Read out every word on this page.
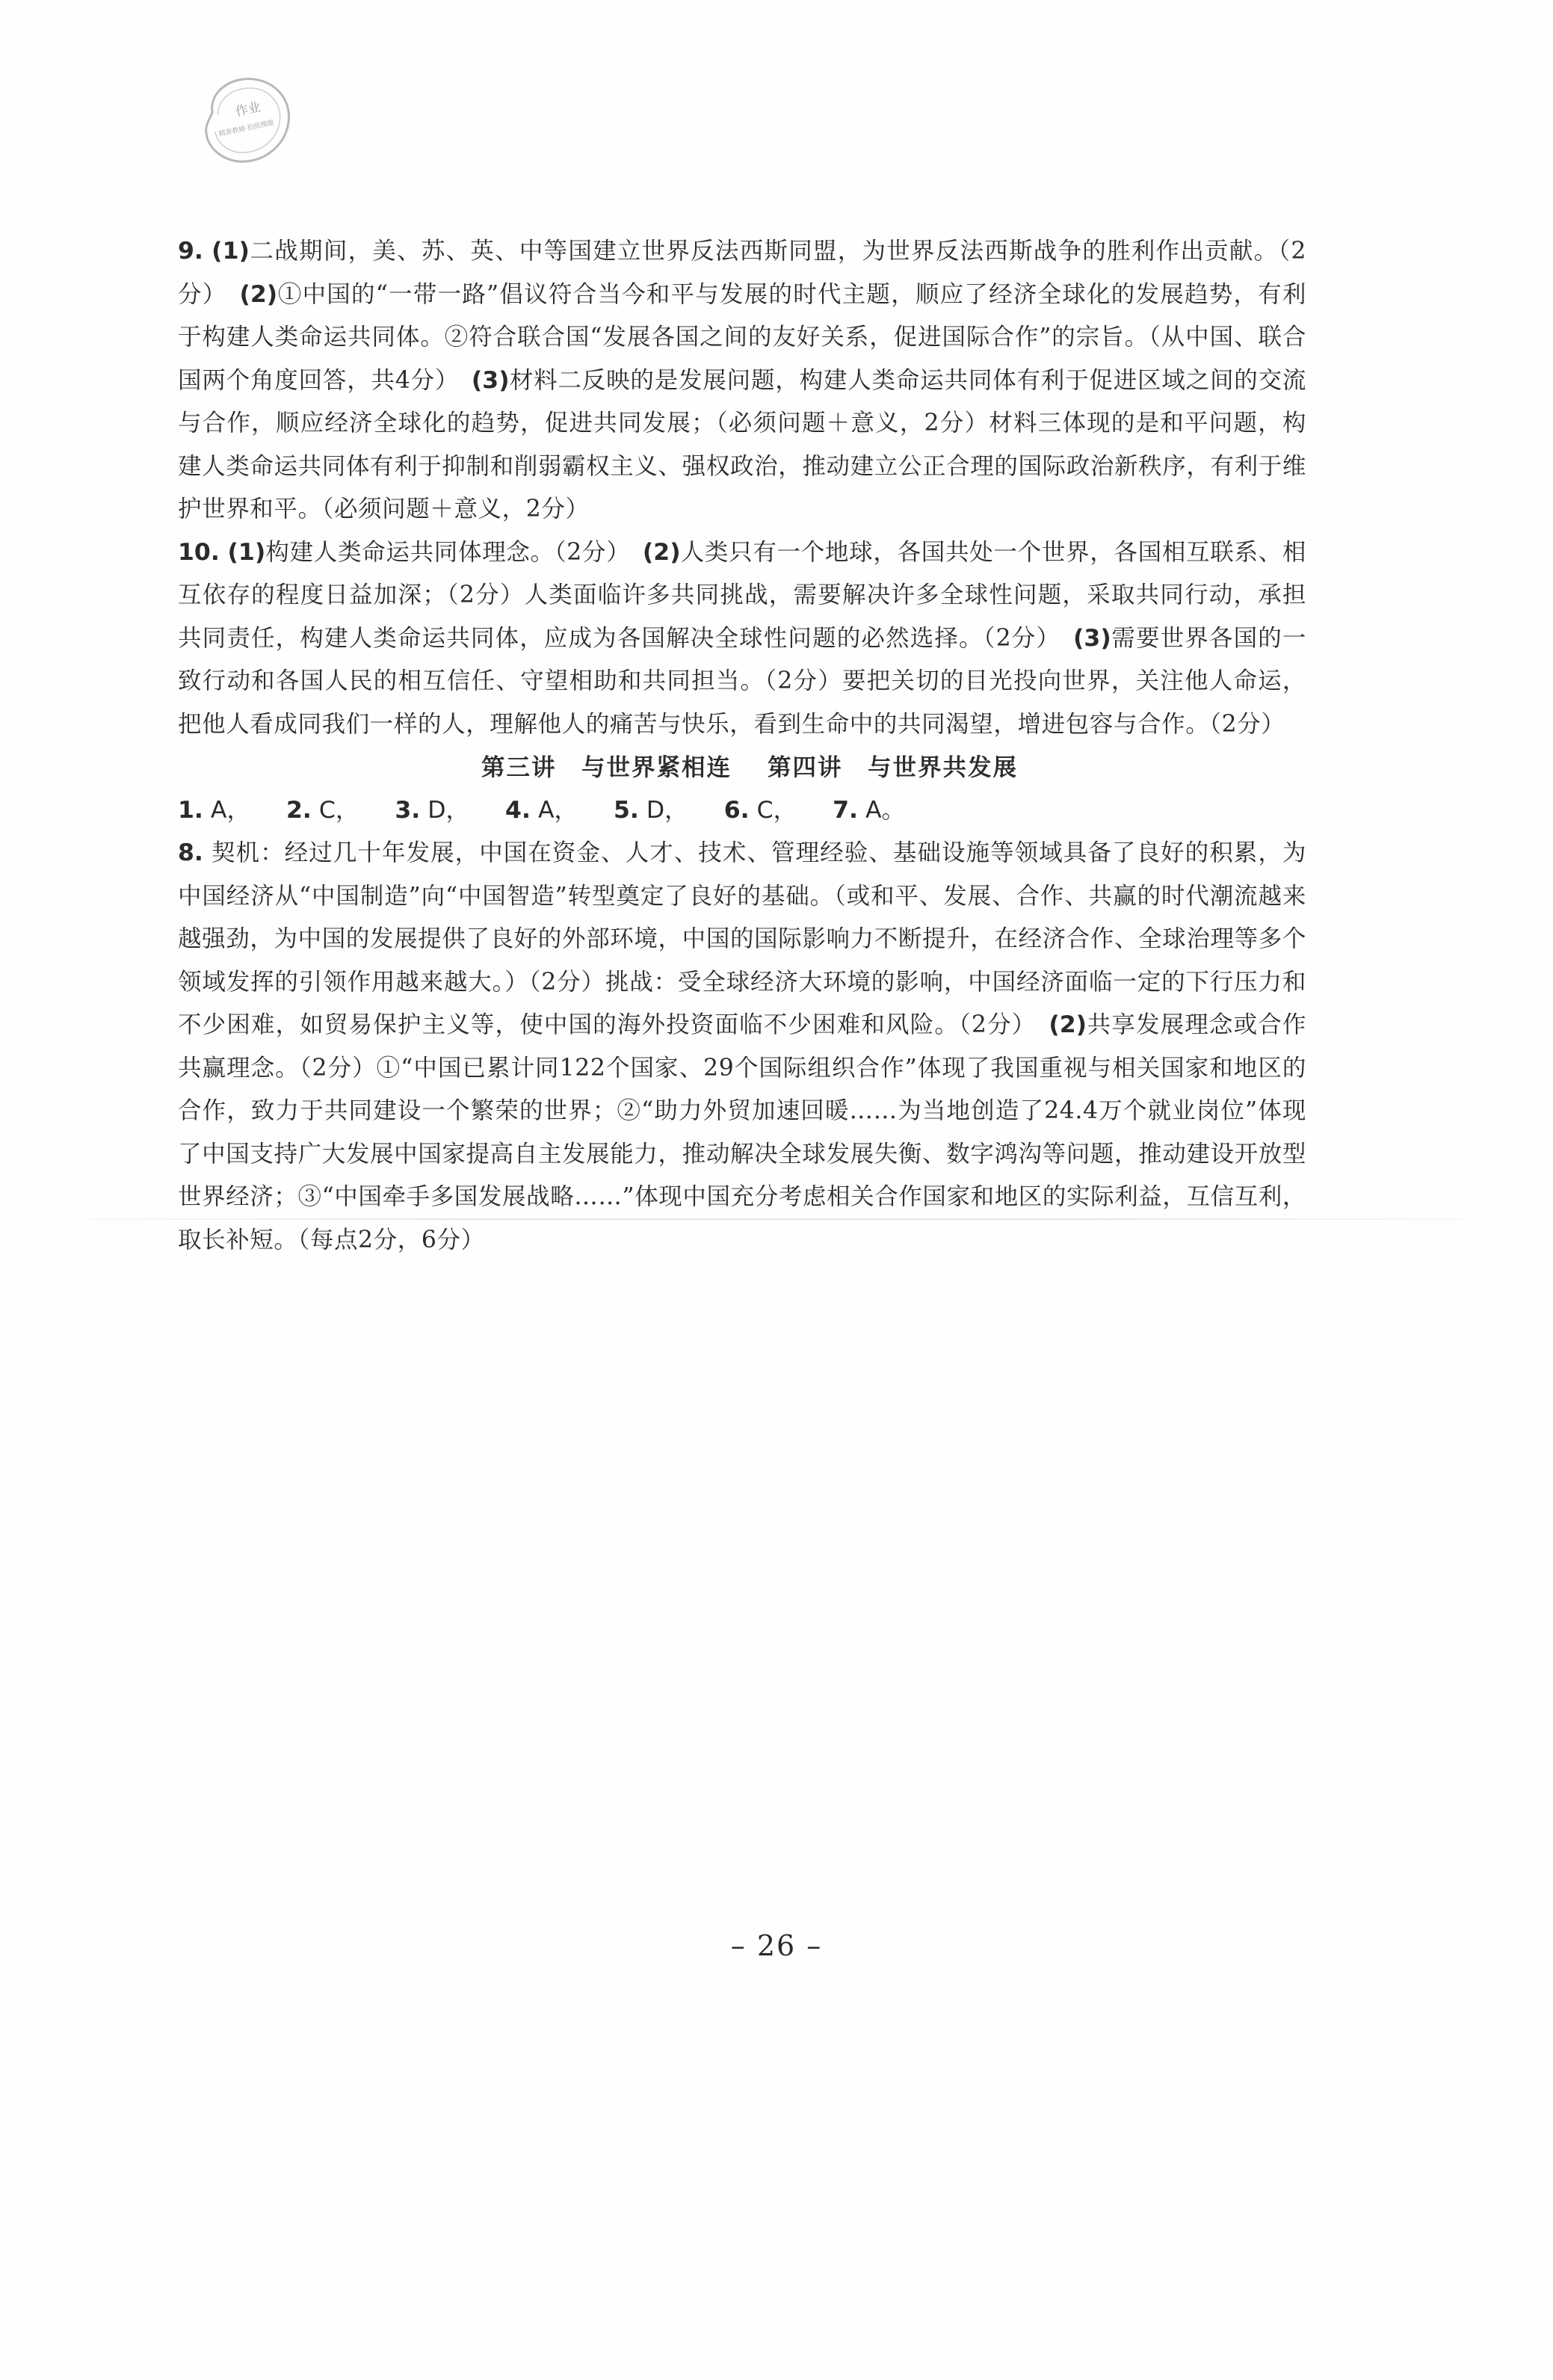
作业
精准教辅·拍照搜题

9. (1)二战期间，美、苏、英、中等国建立世界反法西斯同盟，为世界反法西斯战争的胜利作出贡献。（2分）　 (2)①中国的“一带一路”倡议符合当今和平与发展的时代主题，顺应了经济全球化的发展趋势，有利于构建人类命运共同体。②符合联合国“发展各国之间的友好关系，促进国际合作”的宗旨。（从中国、联合国两个角度回答，共4分）　 (3)材料二反映的是发展问题，构建人类命运共同体有利于促进区域之间的交流与合作，顺应经济全球化的趋势，促进共同发展；（必须问题＋意义，2分）材料三体现的是和平问题，构建人类命运共同体有利于抑制和削弱霸权主义、强权政治，推动建立公正合理的国际政治新秩序，有利于维护世界和平。（必须问题＋意义，2分）

10. (1)构建人类命运共同体理念。（2分）　 (2)人类只有一个地球，各国共处一个世界，各国相互联系、相互依存的程度日益加深；（2分）人类面临许多共同挑战，需要解决许多全球性问题，采取共同行动，承担共同责任，构建人类命运共同体，应成为各国解决全球性问题的必然选择。（2分）　 (3)需要世界各国的一致行动和各国人民的相互信任、守望相助和共同担当。（2分）要把关切的目光投向世界，关注他人命运，把他人看成同我们一样的人，理解他人的痛苦与快乐，看到生命中的共同渴望，增进包容与合作。（2分）

第三讲　与世界紧相连 第四讲　与世界共发展

1. A， 2. C， 3. D， 4. A， 5. D， 6. C， 7. A。

8. 契机：经过几十年发展，中国在资金、人才、技术、管理经验、基础设施等领域具备了良好的积累，为中国经济从“中国制造”向“中国智造”转型奠定了良好的基础。（或和平、发展、合作、共赢的时代潮流越来越强劲，为中国的发展提供了良好的外部环境，中国的国际影响力不断提升，在经济合作、全球治理等多个领域发挥的引领作用越来越大。）（2分）挑战：受全球经济大环境的影响，中国经济面临一定的下行压力和不少困难，如贸易保护主义等，使中国的海外投资面临不少困难和风险。（2分）　 (2)共享发展理念或合作共赢理念。（2分）①“中国已累计同122个国家、29个国际组织合作”体现了我国重视与相关国家和地区的合作，致力于共同建设一个繁荣的世界；②“助力外贸加速回暖……为当地创造了24.4万个就业岗位”体现了中国支持广大发展中国家提高自主发展能力，推动解决全球发展失衡、数字鸿沟等问题，推动建设开放型世界经济；③“中国牵手多国发展战略……”体现中国充分考虑相关合作国家和地区的实际利益，互信互利，取长补短。（每点2分，6分）

– 26 –
